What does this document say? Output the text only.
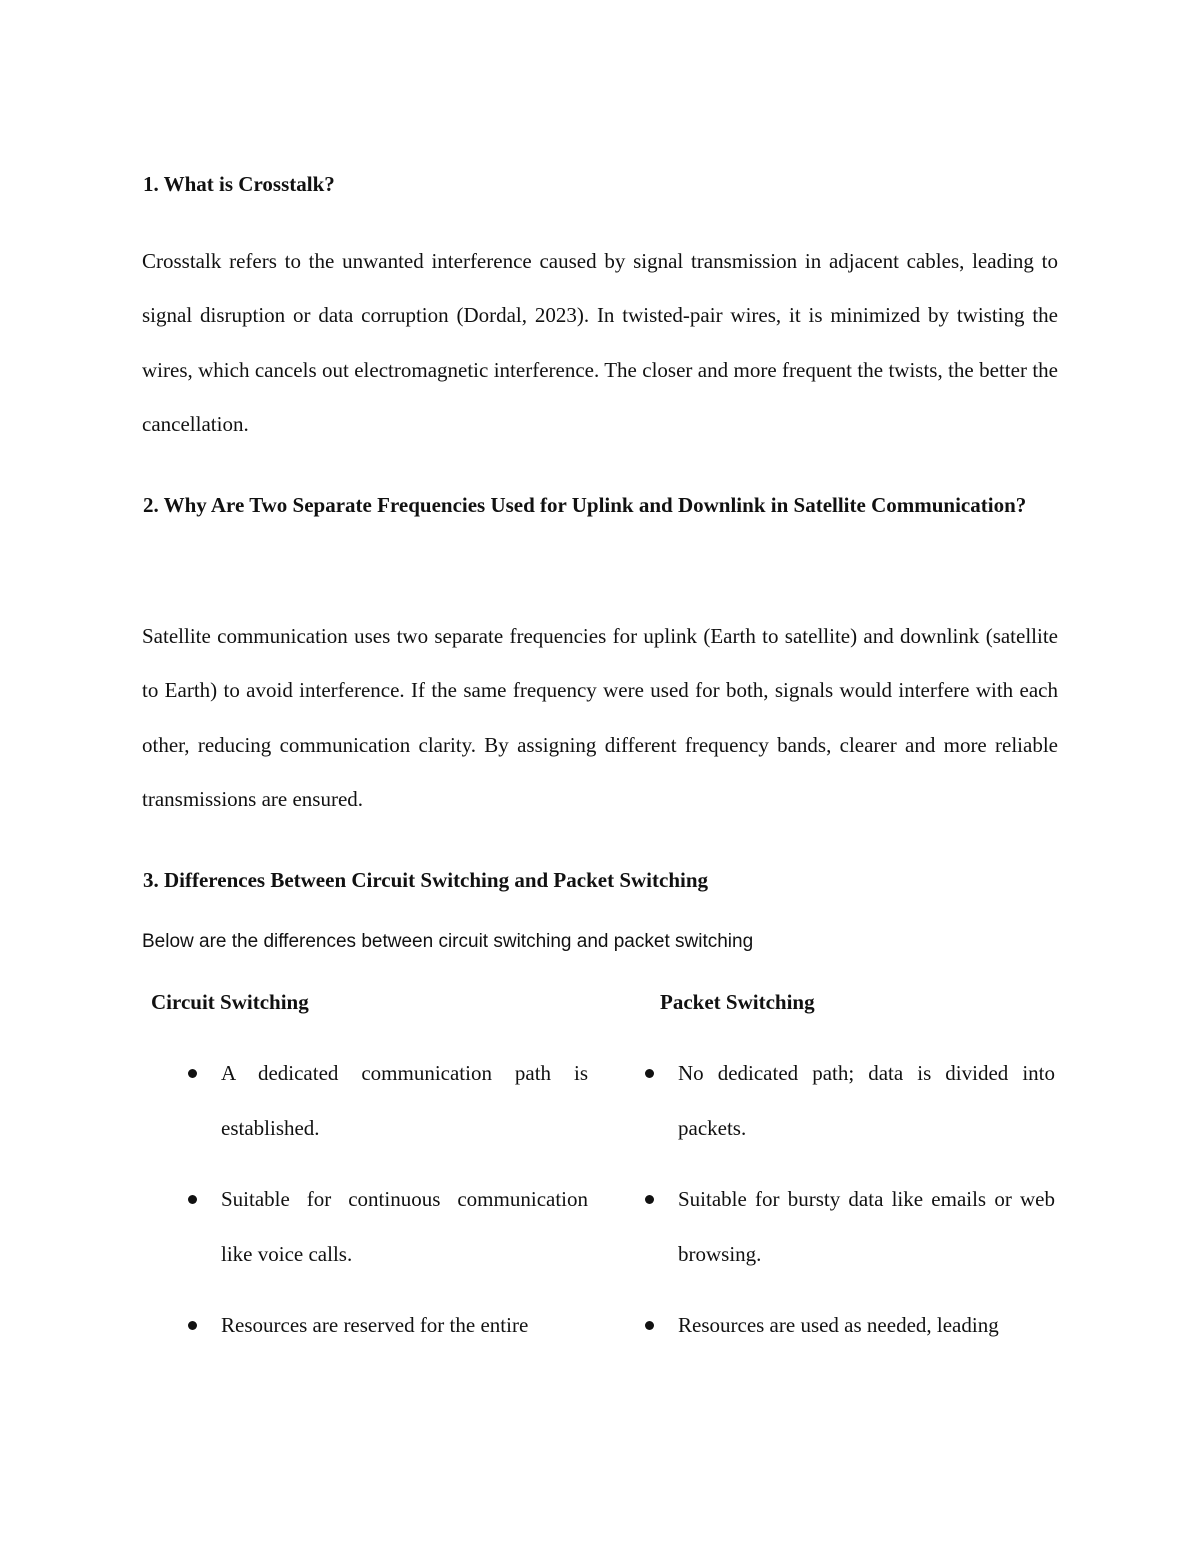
1. What is Crosstalk?

Crosstalk refers to the unwanted interference caused by signal transmission in adjacent cables, leading to signal disruption or data corruption (Dordal, 2023). In twisted-pair wires, it is minimized by twisting the wires, which cancels out electromagnetic interference. The closer and more frequent the twists, the better the cancellation.

2. Why Are Two Separate Frequencies Used for Uplink and Downlink in Satellite Communication?

Satellite communication uses two separate frequencies for uplink (Earth to satellite) and downlink (satellite to Earth) to avoid interference. If the same frequency were used for both, signals would interfere with each other, reducing communication clarity. By assigning different frequency bands, clearer and more reliable transmissions are ensured.

3. Differences Between Circuit Switching and Packet Switching

Below are the differences between circuit switching and packet switching

Circuit Switching	Packet Switching
A dedicated communication path is established.
Suitable for continuous communication like voice calls.
Resources are reserved for the entire
No dedicated path; data is divided into packets.
Suitable for bursty data like emails or web browsing.
Resources are used as needed, leading
